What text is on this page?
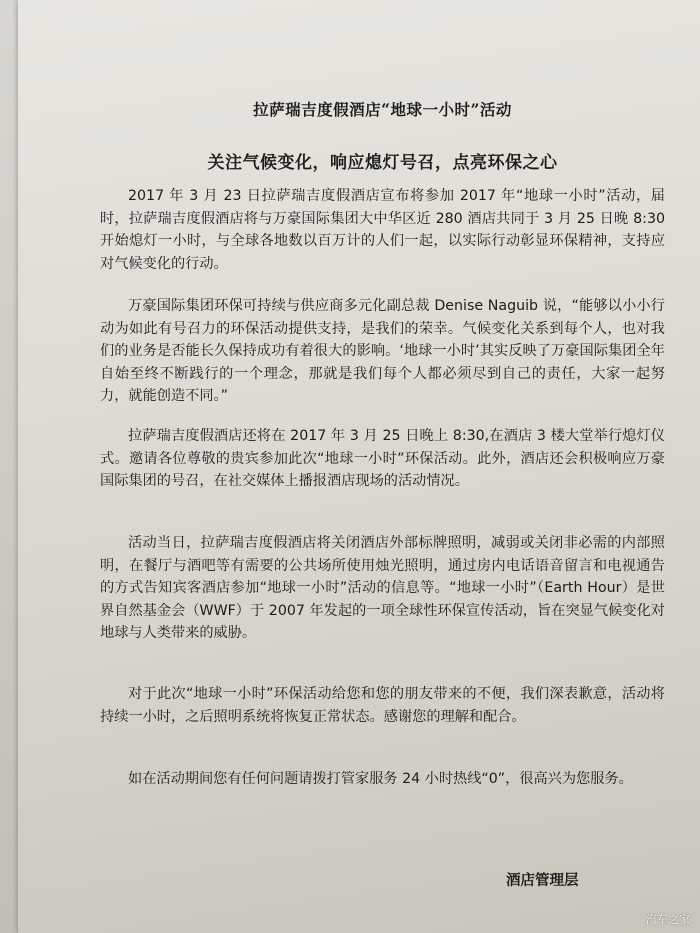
拉萨瑞吉度假酒店“地球一小时”活动
关注气候变化，响应熄灯号召，点亮环保之心

2017 年 3 月 23 日拉萨瑞吉度假酒店宣布将参加 2017 年“地球一小时”活动，届时，拉萨瑞吉度假酒店将与万豪国际集团大中华区近 280 酒店共同于 3 月 25 日晚 8:30 开始熄灯一小时，与全球各地数以百万计的人们一起，以实际行动彰显环保精神，支持应对气候变化的行动。

万豪国际集团环保可持续与供应商多元化副总裁 Denise Naguib 说，“能够以小小行动为如此有号召力的环保活动提供支持，是我们的荣幸。气候变化关系到每个人，也对我们的业务是否能长久保持成功有着很大的影响。‘地球一小时’其实反映了万豪国际集团全年自始至终不断践行的一个理念，那就是我们每个人都必须尽到自己的责任，大家一起努力，就能创造不同。”

拉萨瑞吉度假酒店还将在 2017 年 3 月 25 日晚上 8:30,在酒店 3 楼大堂举行熄灯仪式。邀请各位尊敬的贵宾参加此次“地球一小时”环保活动。此外，酒店还会积极响应万豪国际集团的号召，在社交媒体上播报酒店现场的活动情况。

活动当日，拉萨瑞吉度假酒店将关闭酒店外部标牌照明，减弱或关闭非必需的内部照明，在餐厅与酒吧等有需要的公共场所使用烛光照明，通过房内电话语音留言和电视通告的方式告知宾客酒店参加“地球一小时”活动的信息等。“地球一小时”（Earth Hour）是世界自然基金会（WWF）于 2007 年发起的一项全球性环保宣传活动，旨在突显气候变化对地球与人类带来的威胁。

对于此次“地球一小时”环保活动给您和您的朋友带来的不便，我们深表歉意，活动将持续一小时，之后照明系统将恢复正常状态。感谢您的理解和配合。

如在活动期间您有任何问题请拨打管家服务 24 小时热线“0”，很高兴为您服务。

酒店管理层

汽车之家
